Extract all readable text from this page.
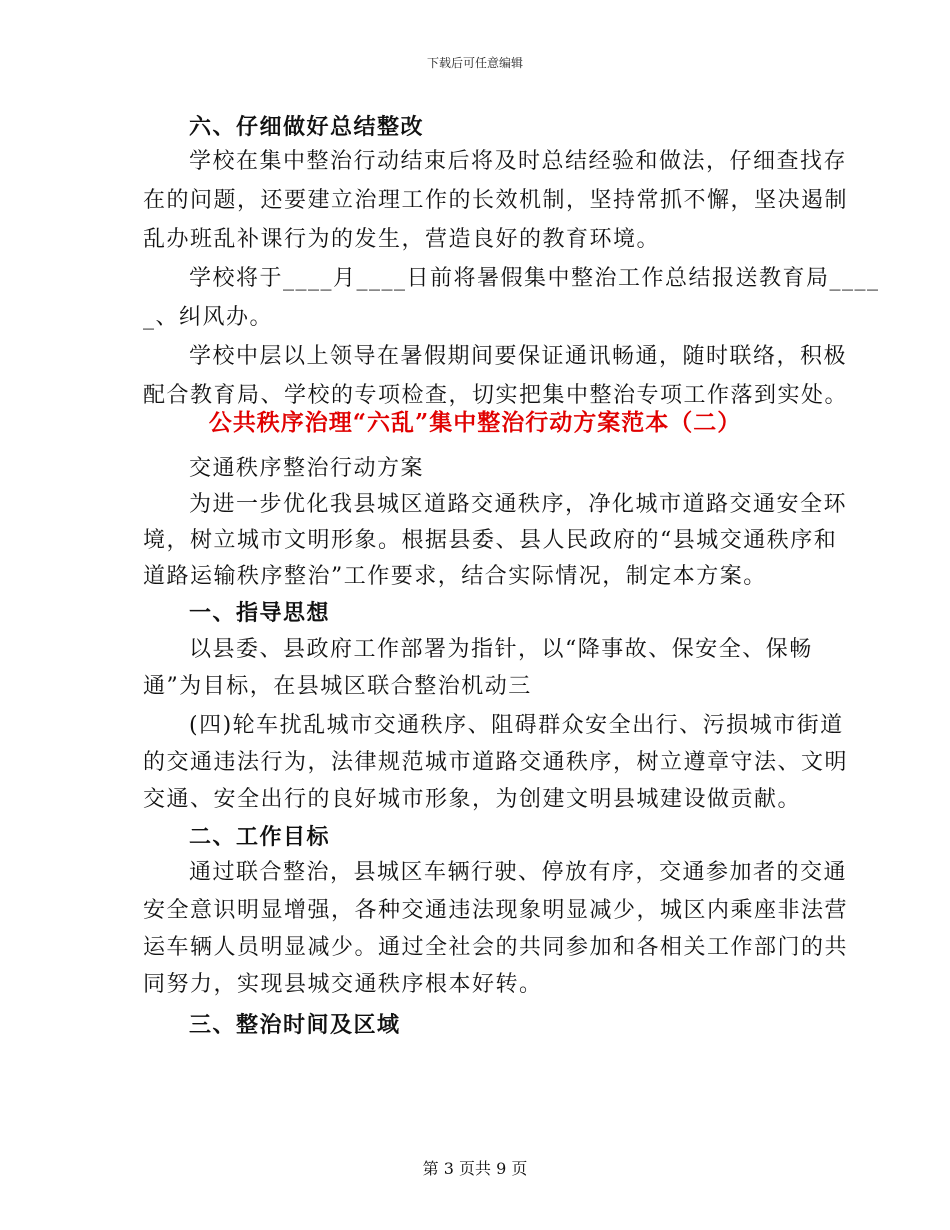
下载后可任意编辑
六、仔细做好总结整改
学校在集中整治行动结束后将及时总结经验和做法，仔细查找存
在的问题，还要建立治理工作的长效机制，坚持常抓不懈，坚决遏制
乱办班乱补课行为的发生，营造良好的教育环境。
学校将于____月____日前将暑假集中整治工作总结报送教育局____
_、纠风办。
学校中层以上领导在暑假期间要保证通讯畅通，随时联络，积极
配合教育局、学校的专项检查，切实把集中整治专项工作落到实处。
公共秩序治理“六乱”集中整治行动方案范本（二）
交通秩序整治行动方案
为进一步优化我县城区道路交通秩序，净化城市道路交通安全环
境，树立城市文明形象。根据县委、县人民政府的“县城交通秩序和
道路运输秩序整治”工作要求，结合实际情况，制定本方案。
一、指导思想
以县委、县政府工作部署为指针，以“降事故、保安全、保畅
通”为目标，在县城区联合整治机动三
(四)轮车扰乱城市交通秩序、阻碍群众安全出行、污损城市街道
的交通违法行为，法律规范城市道路交通秩序，树立遵章守法、文明
交通、安全出行的良好城市形象，为创建文明县城建设做贡献。
二、工作目标
通过联合整治，县城区车辆行驶、停放有序，交通参加者的交通
安全意识明显增强，各种交通违法现象明显减少，城区内乘座非法营
运车辆人员明显减少。通过全社会的共同参加和各相关工作部门的共
同努力，实现县城交通秩序根本好转。
三、整治时间及区域
第 3 页共 9 页
